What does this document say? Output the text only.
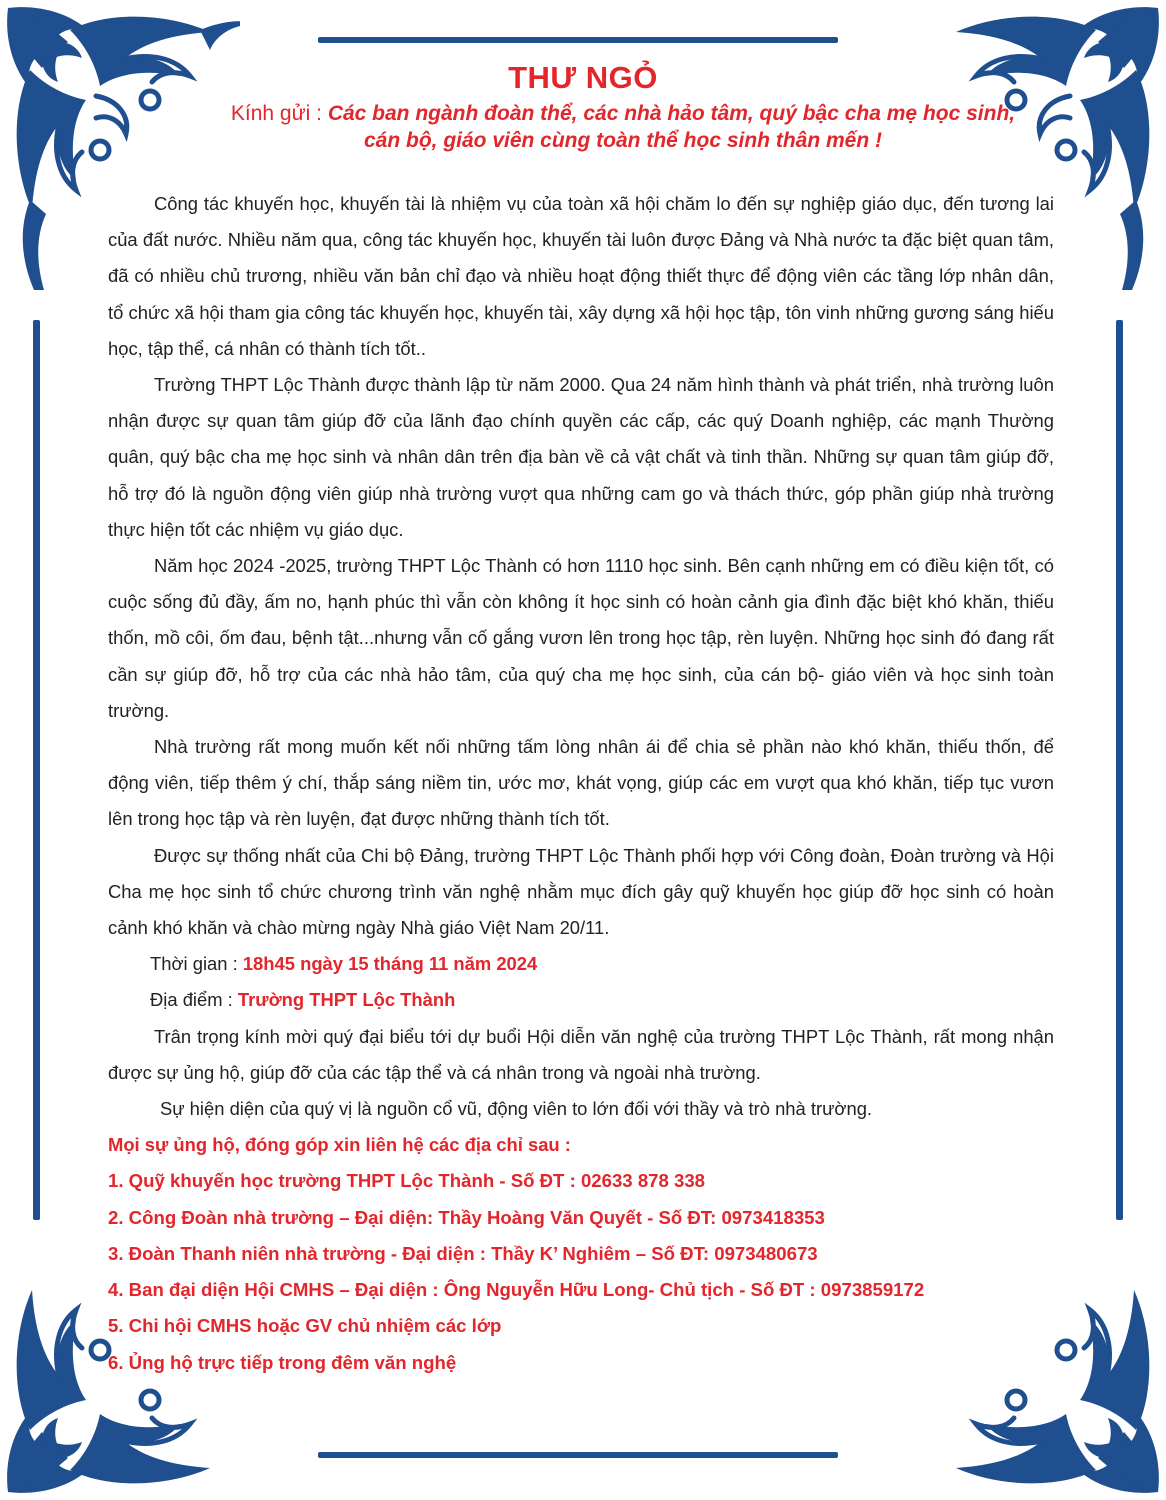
THƯ NGỎ
Kính gửi : Các ban ngành đoàn thể, các nhà hảo tâm, quý bậc cha mẹ học sinh,
cán bộ, giáo viên cùng toàn thể học sinh thân mến !

Công tác khuyến học, khuyến tài là nhiệm vụ của toàn xã hội chăm lo đến sự nghiệp giáo dục, đến tương lai của đất nước. Nhiều năm qua, công tác khuyến học, khuyến tài luôn được Đảng và Nhà nước ta đặc biệt quan tâm, đã có nhiều chủ trương, nhiều văn bản chỉ đạo và nhiều hoạt động thiết thực để động viên các tầng lớp nhân dân, tổ chức xã hội tham gia công tác khuyến học, khuyến tài, xây dựng xã hội học tập, tôn vinh những gương sáng hiếu học, tập thể, cá nhân có thành tích tốt..

Trường THPT Lộc Thành được thành lập từ năm 2000. Qua 24 năm hình thành và phát triển, nhà trường luôn nhận được sự quan tâm giúp đỡ của lãnh đạo chính quyền các cấp, các quý Doanh nghiệp, các mạnh Thường quân, quý bậc cha mẹ học sinh và nhân dân trên địa bàn về cả vật chất và tinh thần. Những sự quan tâm giúp đỡ, hỗ trợ đó là nguồn động viên giúp nhà trường vượt qua những cam go và thách thức, góp phần giúp nhà trường thực hiện tốt các nhiệm vụ giáo dục.

Năm học 2024 -2025, trường THPT Lộc Thành có hơn 1110 học sinh. Bên cạnh những em có điều kiện tốt, có cuộc sống đủ đầy, ấm no, hạnh phúc thì vẫn còn không ít học sinh có hoàn cảnh gia đình đặc biệt khó khăn, thiếu thốn, mồ côi, ốm đau, bệnh tật...nhưng vẫn cố gắng vươn lên trong học tập, rèn luyện. Những học sinh đó đang rất cần sự giúp đỡ, hỗ trợ của các nhà hảo tâm, của quý cha mẹ học sinh, của cán bộ- giáo viên và học sinh toàn trường.

Nhà trường rất mong muốn kết nối những tấm lòng nhân ái để chia sẻ phần nào khó khăn, thiếu thốn, để động viên, tiếp thêm ý chí, thắp sáng niềm tin, ước mơ, khát vọng, giúp các em vượt qua khó khăn, tiếp tục vươn lên trong học tập và rèn luyện, đạt được những thành tích tốt.

Được sự thống nhất của Chi bộ Đảng, trường THPT Lộc Thành phối hợp với Công đoàn, Đoàn trường và Hội Cha mẹ học sinh tổ chức chương trình văn nghệ nhằm mục đích gây quỹ khuyến học giúp đỡ học sinh có hoàn cảnh khó khăn và chào mừng ngày Nhà giáo Việt Nam 20/11.

Thời gian : 18h45 ngày 15 tháng 11 năm 2024

Địa điểm : Trường THPT Lộc Thành

Trân trọng kính mời quý đại biểu tới dự buổi Hội diễn văn nghệ của trường THPT Lộc Thành, rất mong nhận được sự ủng hộ, giúp đỡ của các tập thể và cá nhân trong và ngoài nhà trường.

Sự hiện diện của quý vị là nguồn cổ vũ, động viên to lớn đối với thầy và trò nhà trường.

Mọi sự ủng hộ, đóng góp xin liên hệ các địa chỉ sau :

1. Quỹ khuyến học trường THPT Lộc Thành - Số ĐT : 02633 878 338
2. Công Đoàn nhà trường – Đại diện: Thầy Hoàng Văn Quyết - Số ĐT: 0973418353
3. Đoàn Thanh niên nhà trường - Đại diện : Thầy K’ Nghiêm – Số ĐT: 0973480673
4. Ban đại diện Hội CMHS – Đại diện : Ông Nguyễn Hữu Long- Chủ tịch - Số ĐT : 0973859172
5. Chi hội CMHS hoặc GV chủ nhiệm các lớp
6. Ủng hộ trực tiếp trong đêm văn nghệ
